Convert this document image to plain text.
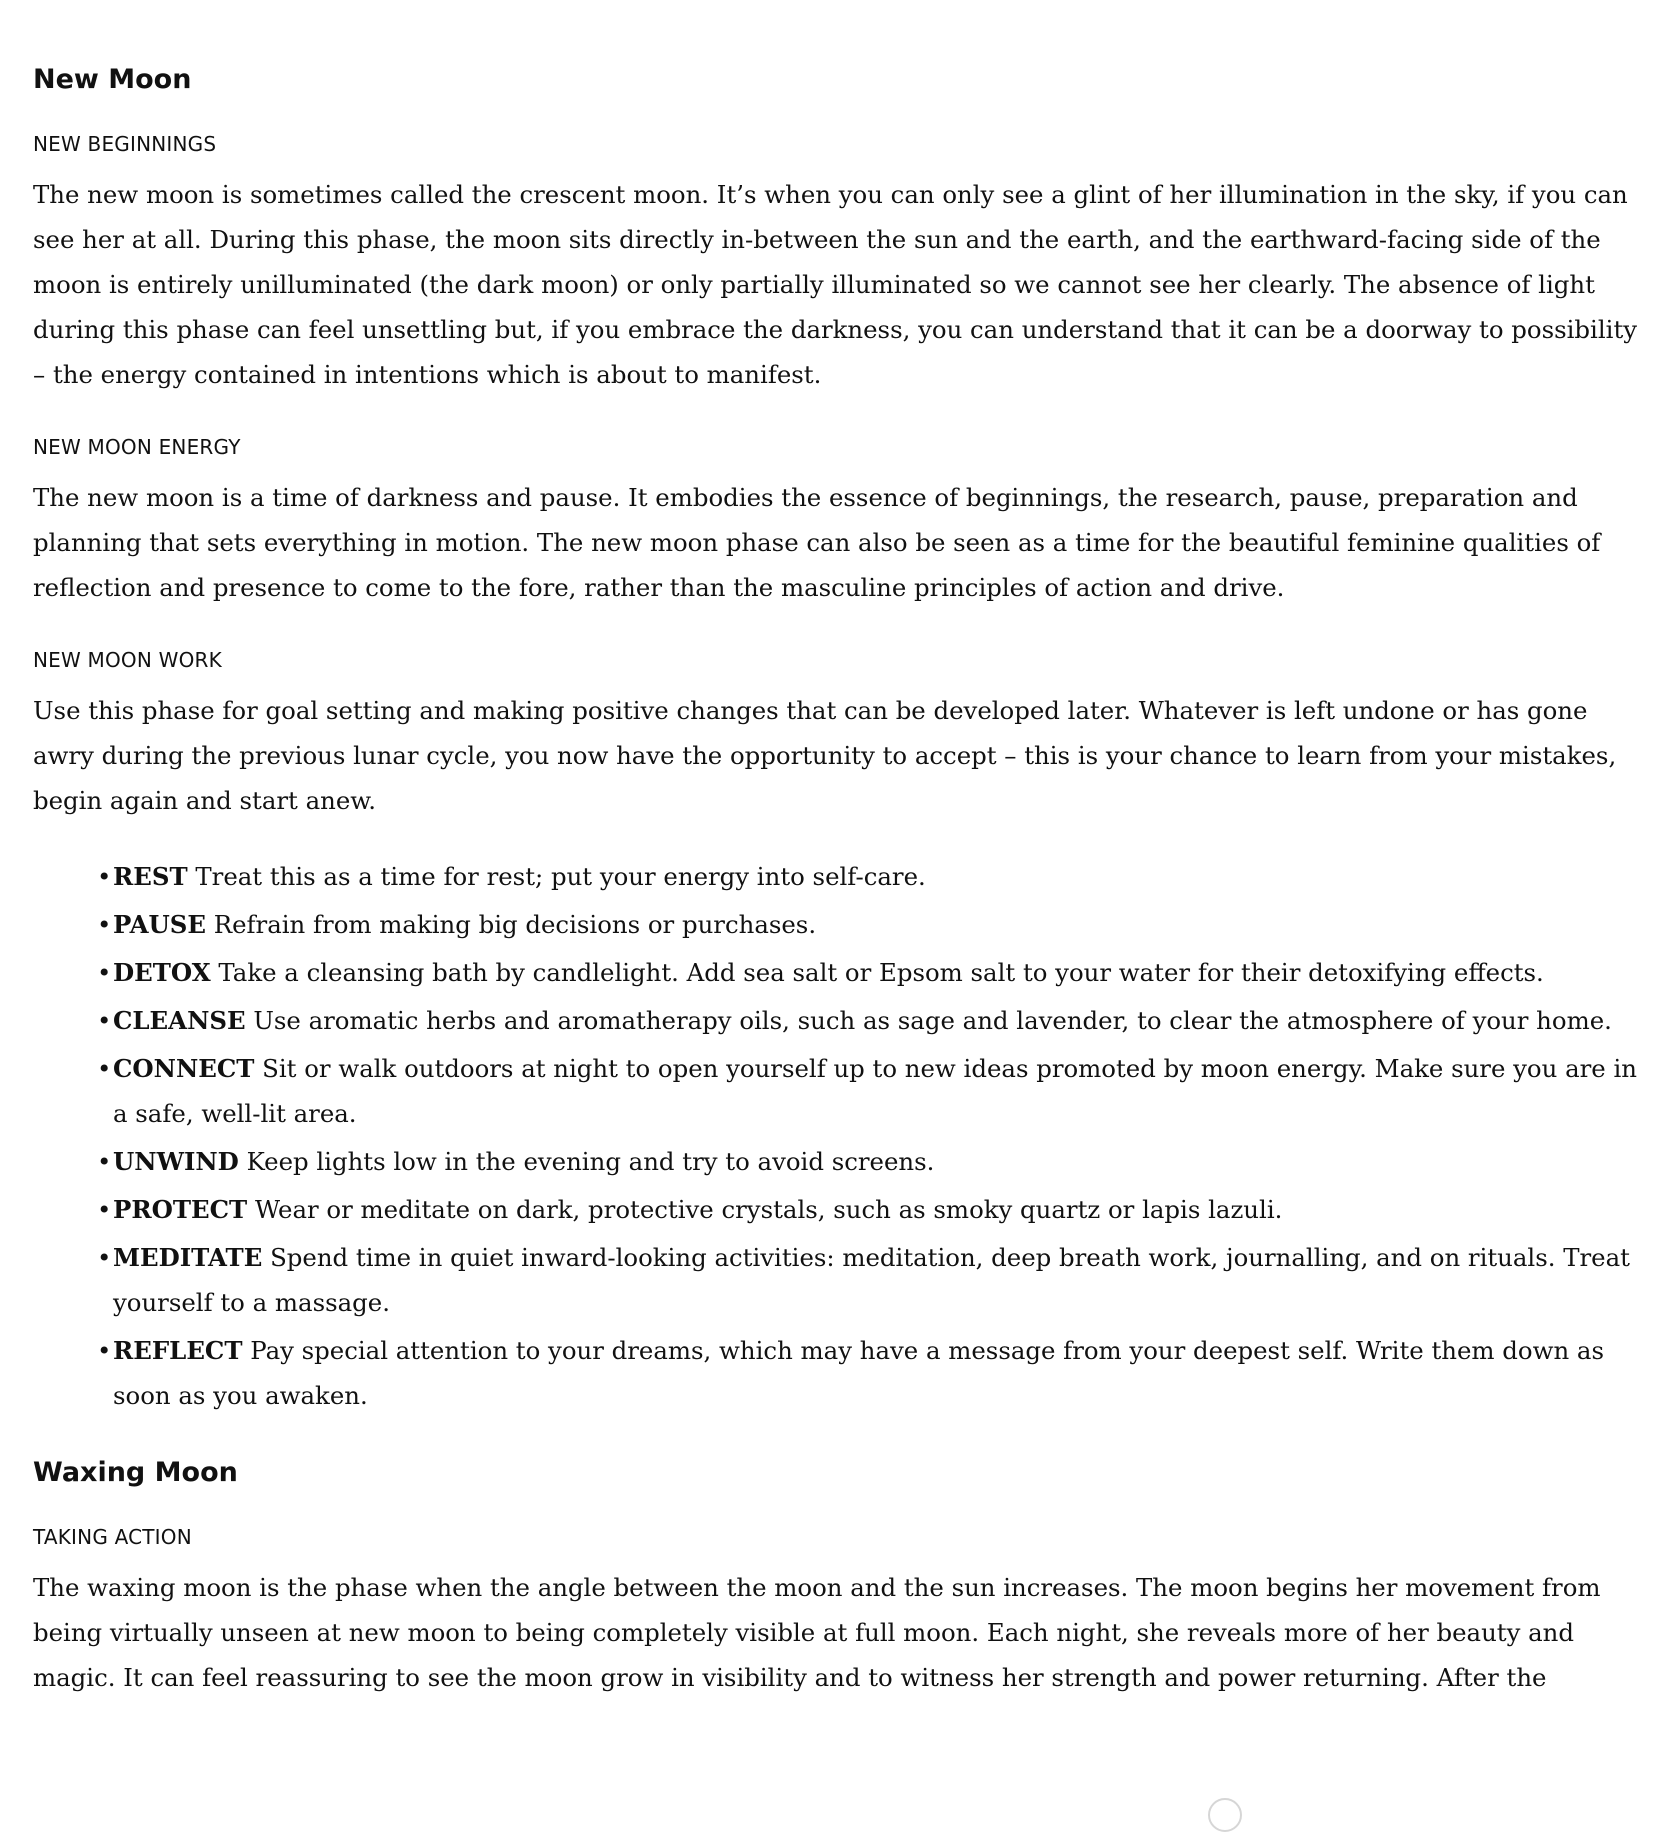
New Moon
NEW BEGINNINGS

The new moon is sometimes called the crescent moon. It’s when you can only see a glint of her illumination in the sky, if you can see her at all. During this phase, the moon sits directly in-between the sun and the earth, and the earthward-facing side of the moon is entirely unilluminated (the dark moon) or only partially illuminated so we cannot see her clearly. The absence of light during this phase can feel unsettling but, if you embrace the darkness, you can understand that it can be a doorway to possibility – the energy contained in intentions which is about to manifest.

NEW MOON ENERGY

The new moon is a time of darkness and pause. It embodies the essence of beginnings, the research, pause, preparation and planning that sets everything in motion. The new moon phase can also be seen as a time for the beautiful feminine qualities of reflection and presence to come to the fore, rather than the masculine principles of action and drive.

NEW MOON WORK

Use this phase for goal setting and making positive changes that can be developed later. Whatever is left undone or has gone awry during the previous lunar cycle, you now have the opportunity to accept – this is your chance to learn from your mistakes, begin again and start anew.

•REST Treat this as a time for rest; put your energy into self-care.
•PAUSE Refrain from making big decisions or purchases.
•DETOX Take a cleansing bath by candlelight. Add sea salt or Epsom salt to your water for their detoxifying effects.
•CLEANSE Use aromatic herbs and aromatherapy oils, such as sage and lavender, to clear the atmosphere of your home.
•CONNECT Sit or walk outdoors at night to open yourself up to new ideas promoted by moon energy. Make sure you are in a safe, well-lit area.
•UNWIND Keep lights low in the evening and try to avoid screens.
•PROTECT Wear or meditate on dark, protective crystals, such as smoky quartz or lapis lazuli.
•MEDITATE Spend time in quiet inward-looking activities: meditation, deep breath work, journalling, and on rituals. Treat yourself to a massage.
•REFLECT Pay special attention to your dreams, which may have a message from your deepest self. Write them down as soon as you awaken.
Waxing Moon
TAKING ACTION

The waxing moon is the phase when the angle between the moon and the sun increases. The moon begins her movement from being virtually unseen at new moon to being completely visible at full moon. Each night, she reveals more of her beauty and magic. It can feel reassuring to see the moon grow in visibility and to witness her strength and power returning. After the
